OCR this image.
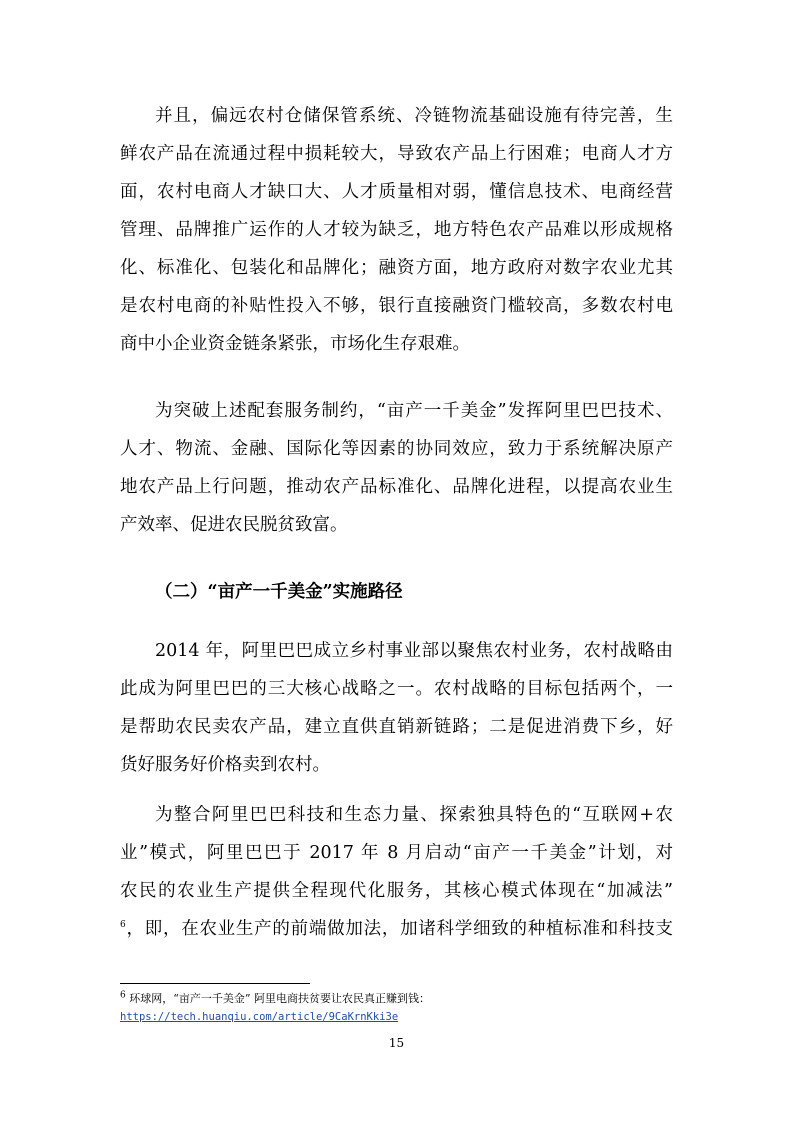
并且，偏远农村仓储保管系统、冷链物流基础设施有待完善，生
鲜农产品在流通过程中损耗较大，导致农产品上行困难；电商人才方
面，农村电商人才缺口大、人才质量相对弱，懂信息技术、电商经营
管理、品牌推广运作的人才较为缺乏，地方特色农产品难以形成规格
化、标准化、包装化和品牌化；融资方面，地方政府对数字农业尤其
是农村电商的补贴性投入不够，银行直接融资门槛较高，多数农村电
商中小企业资金链条紧张，市场化生存艰难。
为突破上述配套服务制约，“亩产一千美金”发挥阿里巴巴技术、
人才、物流、金融、国际化等因素的协同效应，致力于系统解决原产
地农产品上行问题，推动农产品标准化、品牌化进程，以提高农业生
产效率、促进农民脱贫致富。
（二）“亩产一千美金”实施路径
2014 年，阿里巴巴成立乡村事业部以聚焦农村业务，农村战略由
此成为阿里巴巴的三大核心战略之一。农村战略的目标包括两个，一
是帮助农民卖农产品，建立直供直销新链路；二是促进消费下乡，好
货好服务好价格卖到农村。
为整合阿里巴巴科技和生态力量、探索独具特色的“互联网+农
业”模式，阿里巴巴于 2017 年 8 月启动“亩产一千美金”计划，对
农民的农业生产提供全程现代化服务，其核心模式体现在“加减法”
$^6$，即，在农业生产的前端做加法，加诸科学细致的种植标准和科技支
$^6$ 环球网，“亩产一千美金” 阿里电商扶贫要让农民真正赚到钱：
https://tech.huanqiu.com/article/9CaKrnKki3e
15
